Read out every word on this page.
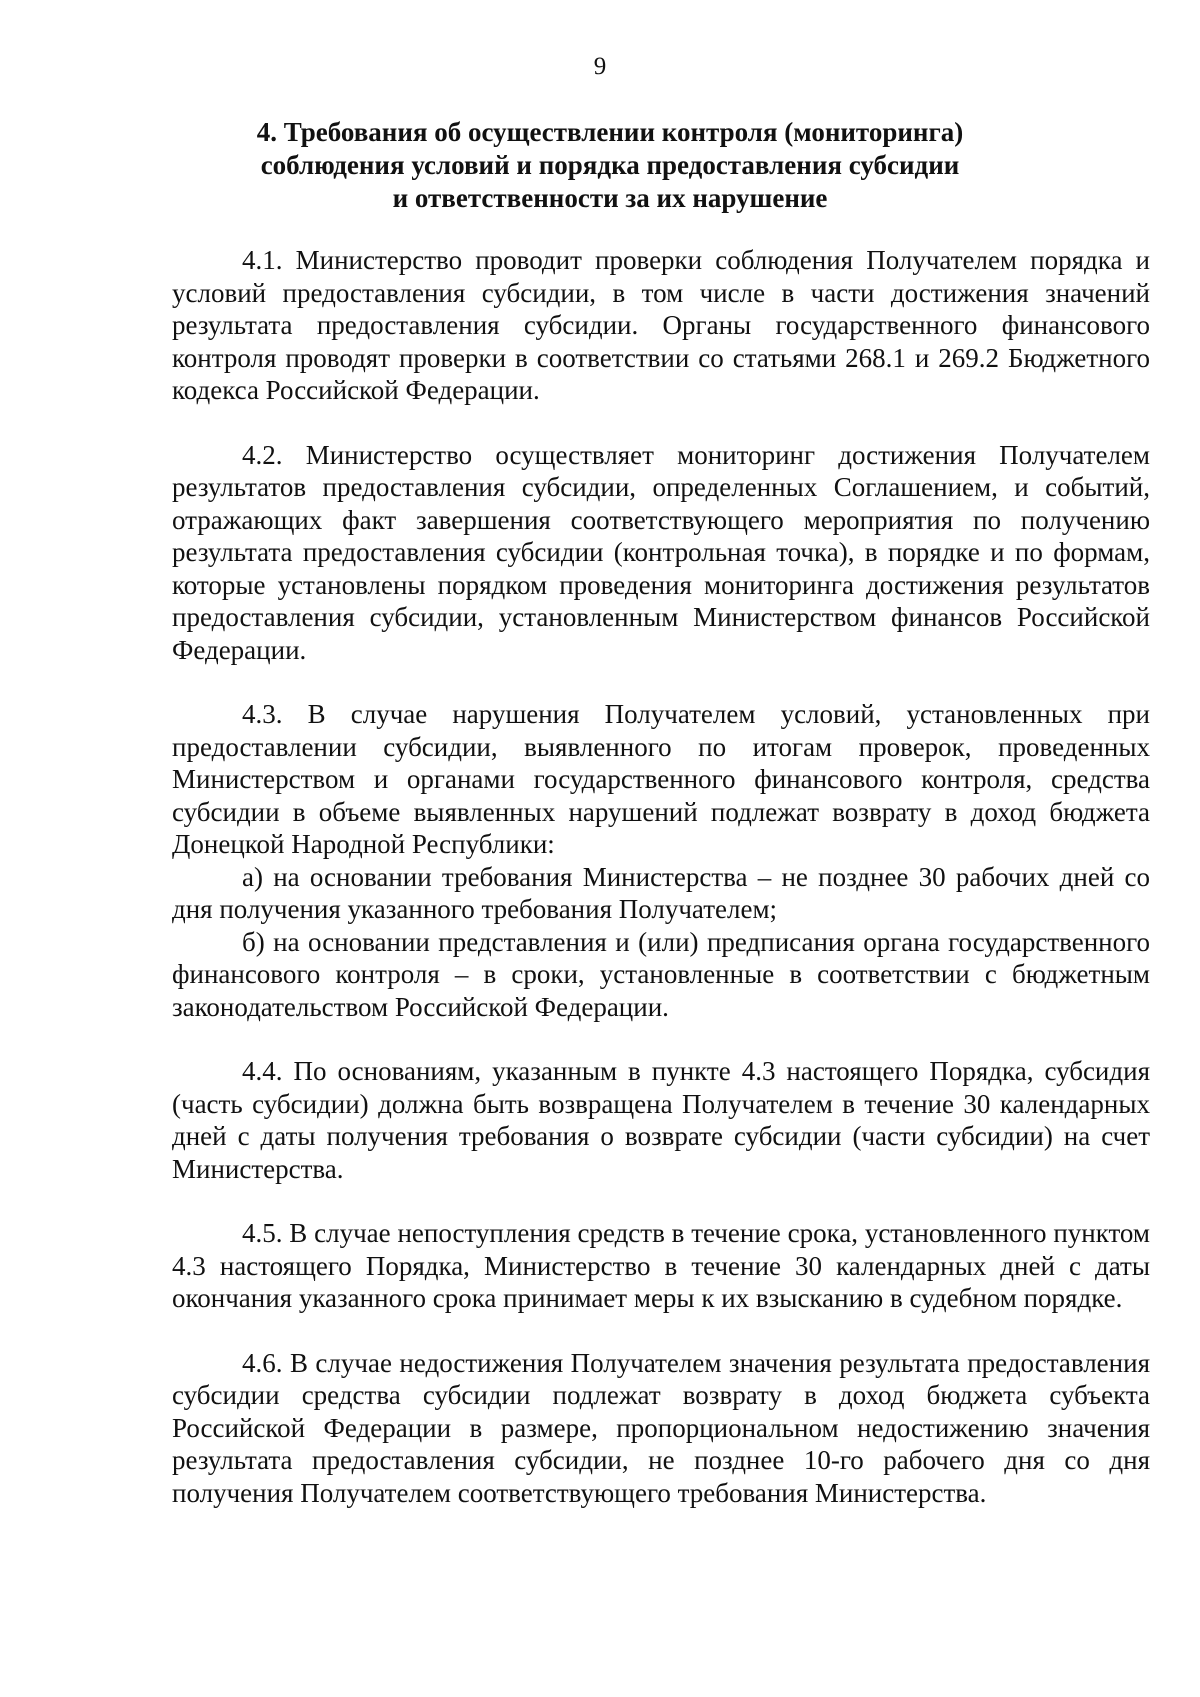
9
4. Требования об осуществлении контроля (мониторинга)
соблюдения условий и порядка предоставления субсидии
и ответственности за их нарушение

4.1. Министерство проводит проверки соблюдения Получателем порядка и условий предоставления субсидии, в том числе в части достижения значений результата предоставления субсидии. Органы государственного финансового контроля проводят проверки в соответствии со статьями 268.1 и 269.2 Бюджетного кодекса Российской Федерации.

4.2. Министерство осуществляет мониторинг достижения Получателем результатов предоставления субсидии, определенных Соглашением, и событий, отражающих факт завершения соответствующего мероприятия по получению результата предоставления субсидии (контрольная точка), в порядке и по формам, которые установлены порядком проведения мониторинга достижения результатов предоставления субсидии, установленным Министерством финансов Российской Федерации.

4.3. В случае нарушения Получателем условий, установленных при предоставлении субсидии, выявленного по итогам проверок, проведенных Министерством и органами государственного финансового контроля, средства субсидии в объеме выявленных нарушений подлежат возврату в доход бюджета Донецкой Народной Республики:

а) на основании требования Министерства – не позднее 30 рабочих дней со дня получения указанного требования Получателем;

б) на основании представления и (или) предписания органа государственного финансового контроля – в сроки, установленные в соответствии с бюджетным законодательством Российской Федерации.

4.4. По основаниям, указанным в пункте 4.3 настоящего Порядка, субсидия (часть субсидии) должна быть возвращена Получателем в течение 30 календарных дней с даты получения требования о возврате субсидии (части субсидии) на счет Министерства.

4.5. В случае непоступления средств в течение срока, установленного пунктом 4.3 настоящего Порядка, Министерство в течение 30 календарных дней с даты окончания указанного срока принимает меры к их взысканию в судебном порядке.

4.6. В случае недостижения Получателем значения результата предоставления субсидии средства субсидии подлежат возврату в доход бюджета субъекта Российской Федерации в размере, пропорциональном недостижению значения результата предоставления субсидии, не позднее 10-го рабочего дня со дня получения Получателем соответствующего требования Министерства.
